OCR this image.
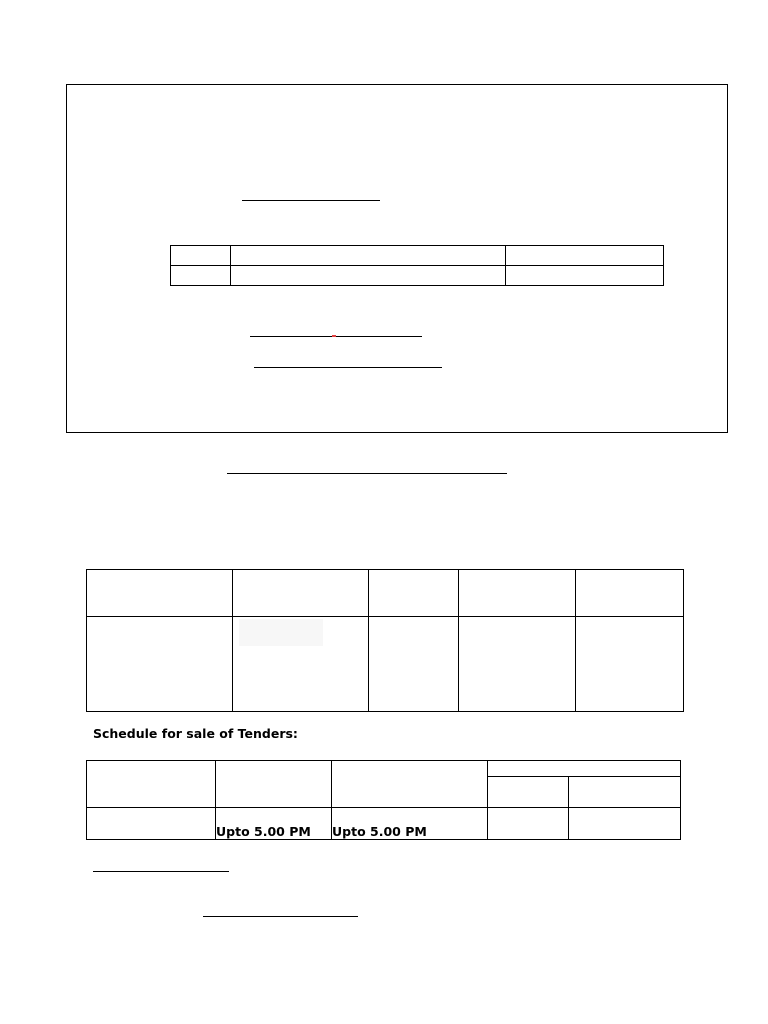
Schedule for sale of Tenders:

	Upto 5.00 PM	Upto 5.00 PM		
